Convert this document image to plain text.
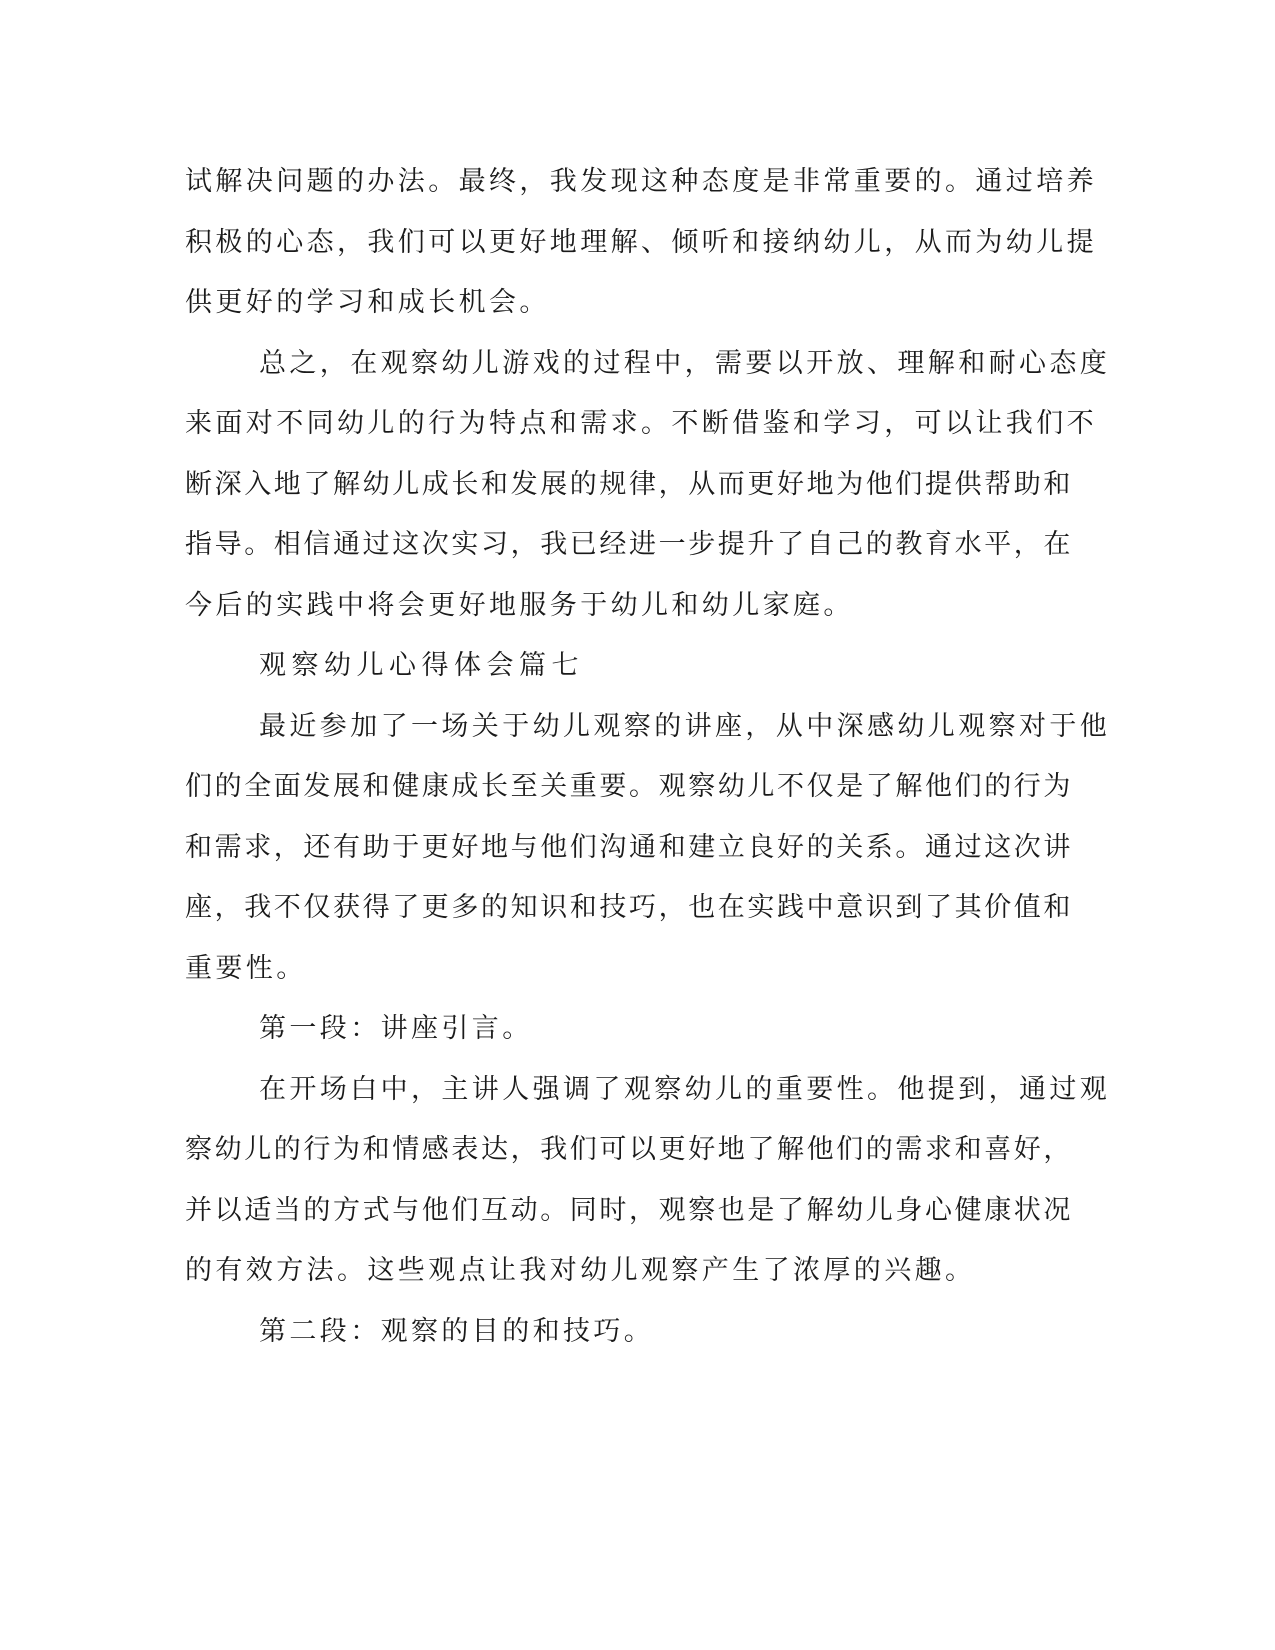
试解决问题的办法。最终，我发现这种态度是非常重要的。通过培养
积极的心态，我们可以更好地理解、倾听和接纳幼儿，从而为幼儿提
供更好的学习和成长机会。
总之，在观察幼儿游戏的过程中，需要以开放、理解和耐心态度
来面对不同幼儿的行为特点和需求。不断借鉴和学习，可以让我们不
断深入地了解幼儿成长和发展的规律，从而更好地为他们提供帮助和
指导。相信通过这次实习，我已经进一步提升了自己的教育水平，在
今后的实践中将会更好地服务于幼儿和幼儿家庭。
观察幼儿心得体会篇七
最近参加了一场关于幼儿观察的讲座，从中深感幼儿观察对于他
们的全面发展和健康成长至关重要。观察幼儿不仅是了解他们的行为
和需求，还有助于更好地与他们沟通和建立良好的关系。通过这次讲
座，我不仅获得了更多的知识和技巧，也在实践中意识到了其价值和
重要性。
第一段：讲座引言。
在开场白中，主讲人强调了观察幼儿的重要性。他提到，通过观
察幼儿的行为和情感表达，我们可以更好地了解他们的需求和喜好，
并以适当的方式与他们互动。同时，观察也是了解幼儿身心健康状况
的有效方法。这些观点让我对幼儿观察产生了浓厚的兴趣。
第二段：观察的目的和技巧。
